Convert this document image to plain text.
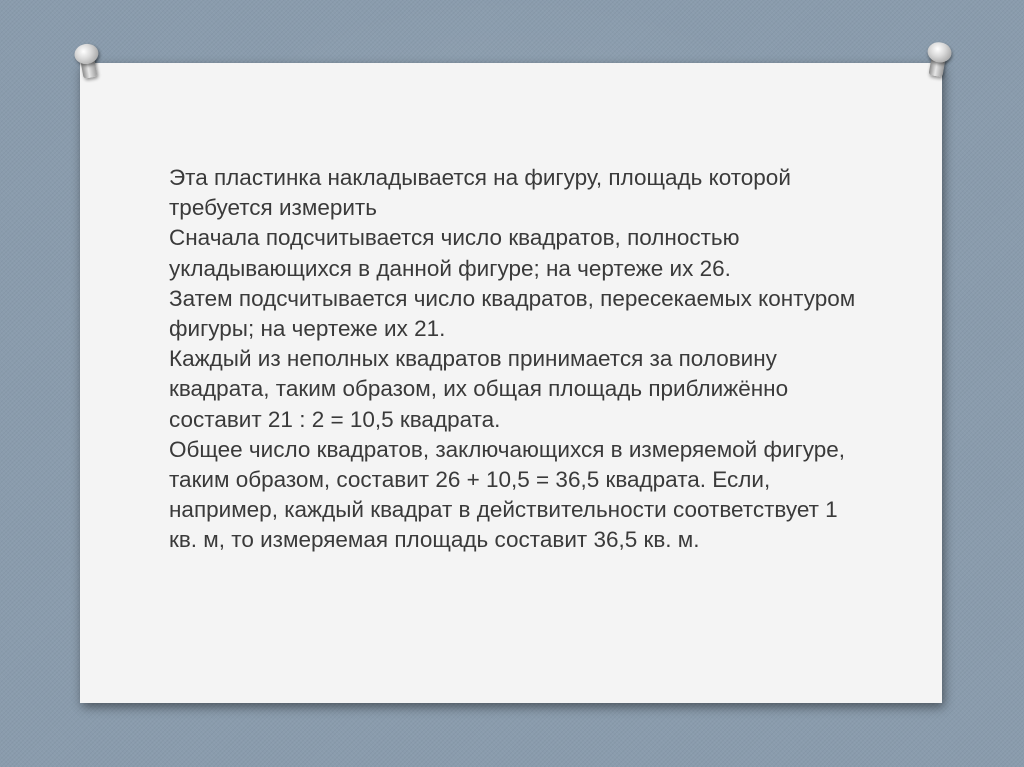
Эта пластинка накладывается на фигуру, площадь которой требуется измерить

Сначала подсчитывается число квадратов, полностью укладывающихся в данной фигуре; на чертеже их 26.

Затем подсчитывается число квадратов, пересекаемых контуром фигуры; на чертеже их 21.

Каждый из неполных квадратов принимается за половину квадрата, таким образом, их общая площадь приближённо составит 21 : 2 = 10,5 квадрата.

Общее число квадратов, заключающихся в измеряемой фигуре, таким образом, составит 26 + 10,5 = 36,5 квадрата. Если, например, каждый квадрат в действительности соответствует 1 кв. м, то измеряемая площадь составит 36,5 кв. м.
